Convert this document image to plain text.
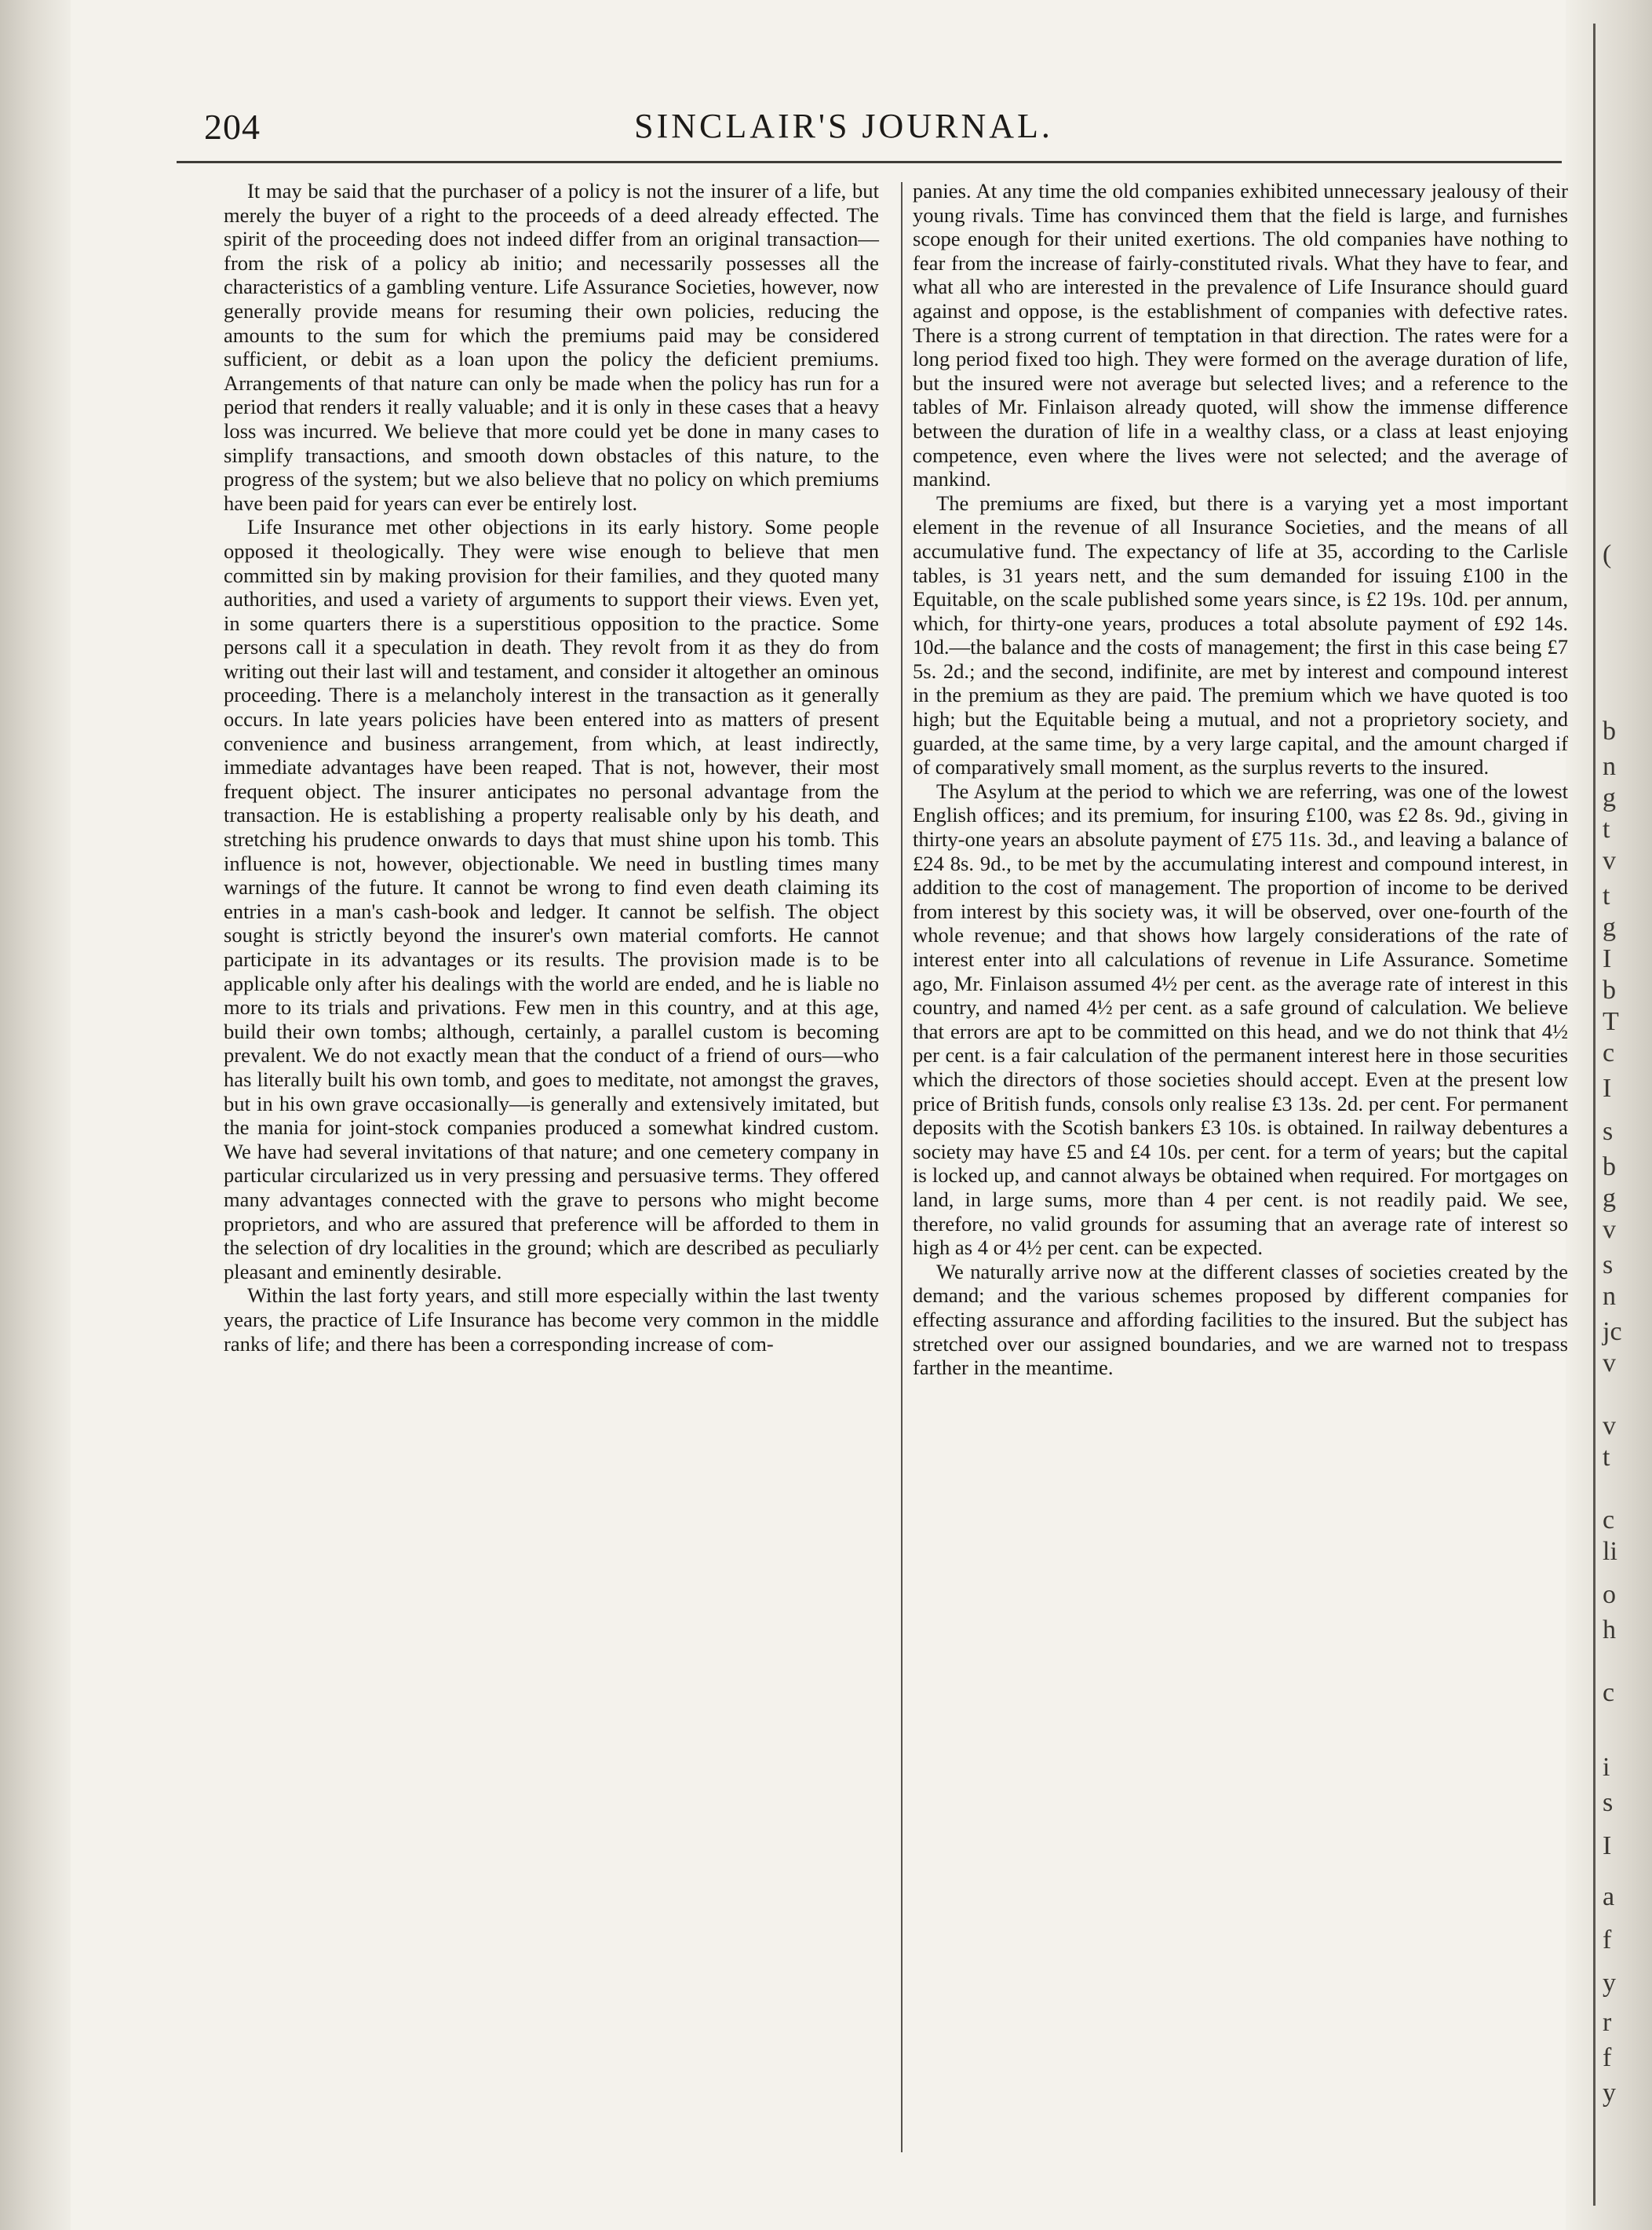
(
b
n
g
t
v
t
g
I
b
T
c
I
s
b
g
v
s
n
jc
v
v
t
c
li
o
h
c
i
s
I
a
f
y
r
f
y
204	SINCLAIR'S JOURNAL.

It may be said that the purchaser of a policy is not the insurer of a life, but merely the buyer of a right to the proceeds of a deed already effected. The spirit of the proceeding does not indeed differ from an original transaction—from the risk of a policy ab initio; and necessarily possesses all the characteristics of a gambling venture. Life Assurance Societies, however, now generally provide means for resuming their own policies, reducing the amounts to the sum for which the premiums paid may be considered sufficient, or debit as a loan upon the policy the deficient premiums. Arrangements of that nature can only be made when the policy has run for a period that renders it really valuable; and it is only in these cases that a heavy loss was incurred. We believe that more could yet be done in many cases to simplify transactions, and smooth down obstacles of this nature, to the progress of the system; but we also believe that no policy on which premiums have been paid for years can ever be entirely lost.

Life Insurance met other objections in its early history. Some people opposed it theologically. They were wise enough to believe that men committed sin by making provision for their families, and they quoted many authorities, and used a variety of arguments to support their views. Even yet, in some quarters there is a superstitious opposition to the practice. Some persons call it a speculation in death. They revolt from it as they do from writing out their last will and testament, and consider it altogether an ominous proceeding. There is a melancholy interest in the transaction as it generally occurs. In late years policies have been entered into as matters of present convenience and business arrangement, from which, at least indirectly, immediate advantages have been reaped. That is not, however, their most frequent object. The insurer anticipates no personal advantage from the transaction. He is establishing a property realisable only by his death, and stretching his prudence onwards to days that must shine upon his tomb. This influence is not, however, objectionable. We need in bustling times many warnings of the future. It cannot be wrong to find even death claiming its entries in a man's cash-book and ledger. It cannot be selfish. The object sought is strictly beyond the insurer's own material comforts. He cannot participate in its advantages or its results. The provision made is to be applicable only after his dealings with the world are ended, and he is liable no more to its trials and privations. Few men in this country, and at this age, build their own tombs; although, certainly, a parallel custom is becoming prevalent. We do not exactly mean that the conduct of a friend of ours—who has literally built his own tomb, and goes to meditate, not amongst the graves, but in his own grave occasionally—is generally and extensively imitated, but the mania for joint-stock companies produced a somewhat kindred custom. We have had several invitations of that nature; and one cemetery company in particular circularized us in very pressing and persuasive terms. They offered many advantages connected with the grave to persons who might become proprietors, and who are assured that preference will be afforded to them in the selection of dry localities in the ground; which are described as peculiarly pleasant and eminently desirable.

Within the last forty years, and still more especially within the last twenty years, the practice of Life Insurance has become very common in the middle ranks of life; and there has been a corresponding increase of com-

panies. At any time the old companies exhibited unnecessary jealousy of their young rivals. Time has convinced them that the field is large, and furnishes scope enough for their united exertions. The old companies have nothing to fear from the increase of fairly-constituted rivals. What they have to fear, and what all who are interested in the prevalence of Life Insurance should guard against and oppose, is the establishment of companies with defective rates. There is a strong current of temptation in that direction. The rates were for a long period fixed too high. They were formed on the average duration of life, but the insured were not average but selected lives; and a reference to the tables of Mr. Finlaison already quoted, will show the immense difference between the duration of life in a wealthy class, or a class at least enjoying competence, even where the lives were not selected; and the average of mankind.

The premiums are fixed, but there is a varying yet a most important element in the revenue of all Insurance Societies, and the means of all accumulative fund. The expectancy of life at 35, according to the Carlisle tables, is 31 years nett, and the sum demanded for issuing £100 in the Equitable, on the scale published some years since, is £2 19s. 10d. per annum, which, for thirty-one years, produces a total absolute payment of £92 14s. 10d.—the balance and the costs of management; the first in this case being £7 5s. 2d.; and the second, indifinite, are met by interest and compound interest in the premium as they are paid. The premium which we have quoted is too high; but the Equitable being a mutual, and not a proprietory society, and guarded, at the same time, by a very large capital, and the amount charged if of comparatively small moment, as the surplus reverts to the insured.

The Asylum at the period to which we are referring, was one of the lowest English offices; and its premium, for insuring £100, was £2 8s. 9d., giving in thirty-one years an absolute payment of £75 11s. 3d., and leaving a balance of £24 8s. 9d., to be met by the accumulating interest and compound interest, in addition to the cost of management. The proportion of income to be derived from interest by this society was, it will be observed, over one-fourth of the whole revenue; and that shows how largely considerations of the rate of interest enter into all calculations of revenue in Life Assurance. Sometime ago, Mr. Finlaison assumed 4½ per cent. as the average rate of interest in this country, and named 4½ per cent. as a safe ground of calculation. We believe that errors are apt to be committed on this head, and we do not think that 4½ per cent. is a fair calculation of the permanent interest here in those securities which the directors of those societies should accept. Even at the present low price of British funds, consols only realise £3 13s. 2d. per cent. For permanent deposits with the Scotish bankers £3 10s. is obtained. In railway debentures a society may have £5 and £4 10s. per cent. for a term of years; but the capital is locked up, and cannot always be obtained when required. For mortgages on land, in large sums, more than 4 per cent. is not readily paid. We see, therefore, no valid grounds for assuming that an average rate of interest so high as 4 or 4½ per cent. can be expected.

We naturally arrive now at the different classes of societies created by the demand; and the various schemes proposed by different companies for effecting assurance and affording facilities to the insured. But the subject has stretched over our assigned boundaries, and we are warned not to trespass farther in the meantime.
